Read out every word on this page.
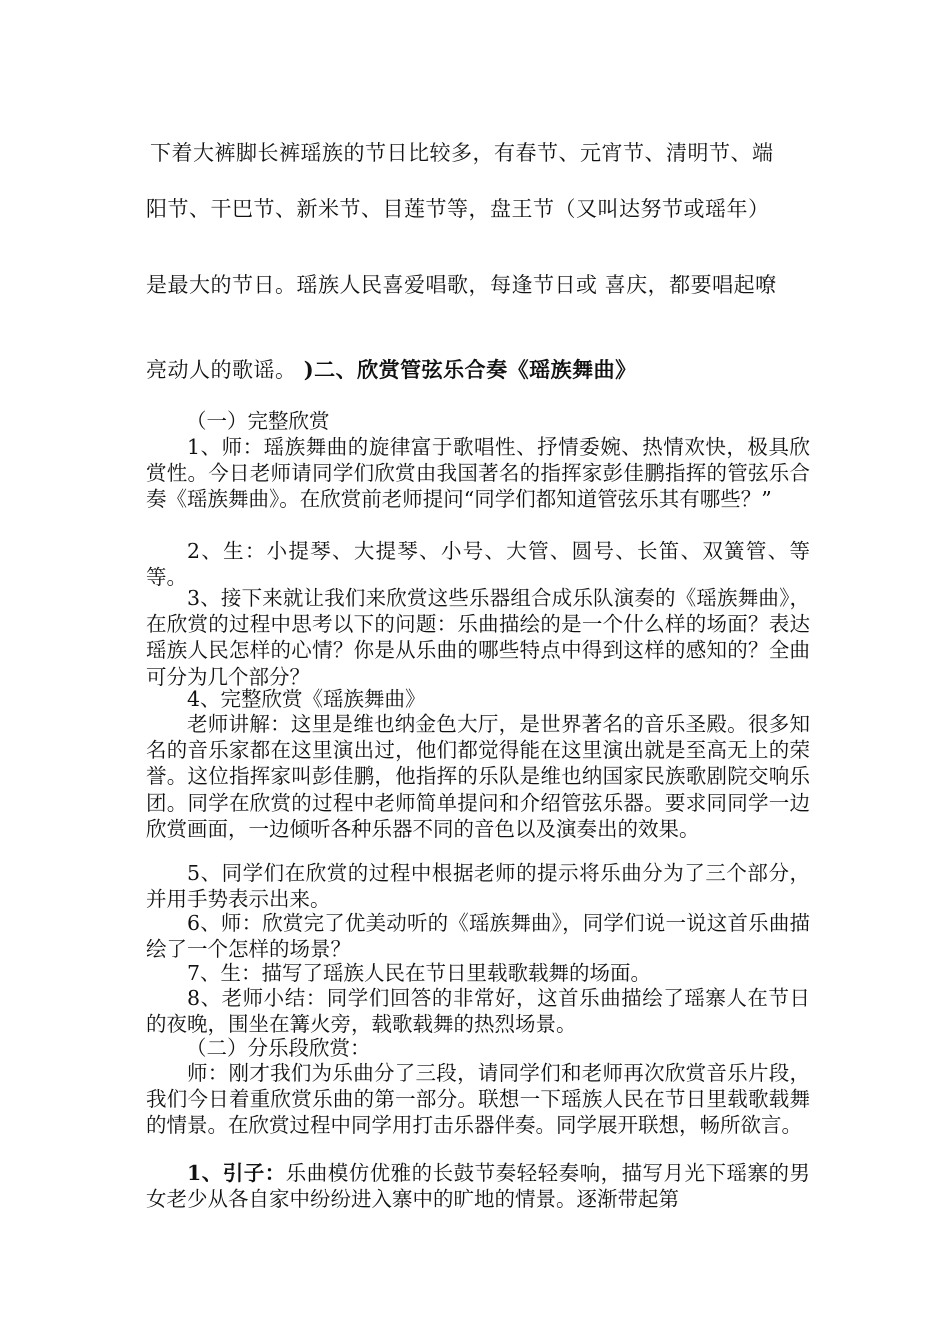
下着大裤脚长裤瑶族的节日比较多，有春节、元宵节、清明节、端
阳节、干巴节、新米节、目莲节等，盘王节（又叫达努节或瑶年）
是最大的节日。瑶族人民喜爱唱歌，每逢节日或 喜庆，都要唱起嘹
亮动人的歌谣。 )二、欣赏管弦乐合奏《瑶族舞曲》
（一）完整欣赏
1、师：瑶族舞曲的旋律富于歌唱性、抒情委婉、热情欢快，极具欣赏性。今日老师请同学们欣赏由我国著名的指挥家彭佳鹏指挥的管弦乐合奏《瑶族舞曲》。在欣赏前老师提问“同学们都知道管弦乐其有哪些？”
2、生：小提琴、大提琴、小号、大管、圆号、长笛、双簧管、等等。
3、接下来就让我们来欣赏这些乐器组合成乐队演奏的《瑶族舞曲》，在欣赏的过程中思考以下的问题：乐曲描绘的是一个什么样的场面？表达瑶族人民怎样的心情？你是从乐曲的哪些特点中得到这样的感知的？全曲可分为几个部分？
4、完整欣赏《瑶族舞曲》
老师讲解：这里是维也纳金色大厅，是世界著名的音乐圣殿。很多知名的音乐家都在这里演出过，他们都觉得能在这里演出就是至高无上的荣誉。这位指挥家叫彭佳鹏，他指挥的乐队是维也纳国家民族歌剧院交响乐团。同学在欣赏的过程中老师简单提问和介绍管弦乐器。要求同同学一边欣赏画面，一边倾听各种乐器不同的音色以及演奏出的效果。
5、同学们在欣赏的过程中根据老师的提示将乐曲分为了三个部分，并用手势表示出来。
6、师：欣赏完了优美动听的《瑶族舞曲》，同学们说一说这首乐曲描绘了一个怎样的场景？
7、生：描写了瑶族人民在节日里载歌载舞的场面。
8、老师小结：同学们回答的非常好，这首乐曲描绘了瑶寨人在节日的夜晚，围坐在篝火旁，载歌载舞的热烈场景。
（二）分乐段欣赏：
师：刚才我们为乐曲分了三段，请同学们和老师再次欣赏音乐片段，我们今日着重欣赏乐曲的第一部分。联想一下瑶族人民在节日里载歌载舞的情景。在欣赏过程中同学用打击乐器伴奏。同学展开联想，畅所欲言。
1、引子：乐曲模仿优雅的长鼓节奏轻轻奏响，描写月光下瑶寨的男女老少从各自家中纷纷进入寨中的旷地的情景。逐渐带起第
